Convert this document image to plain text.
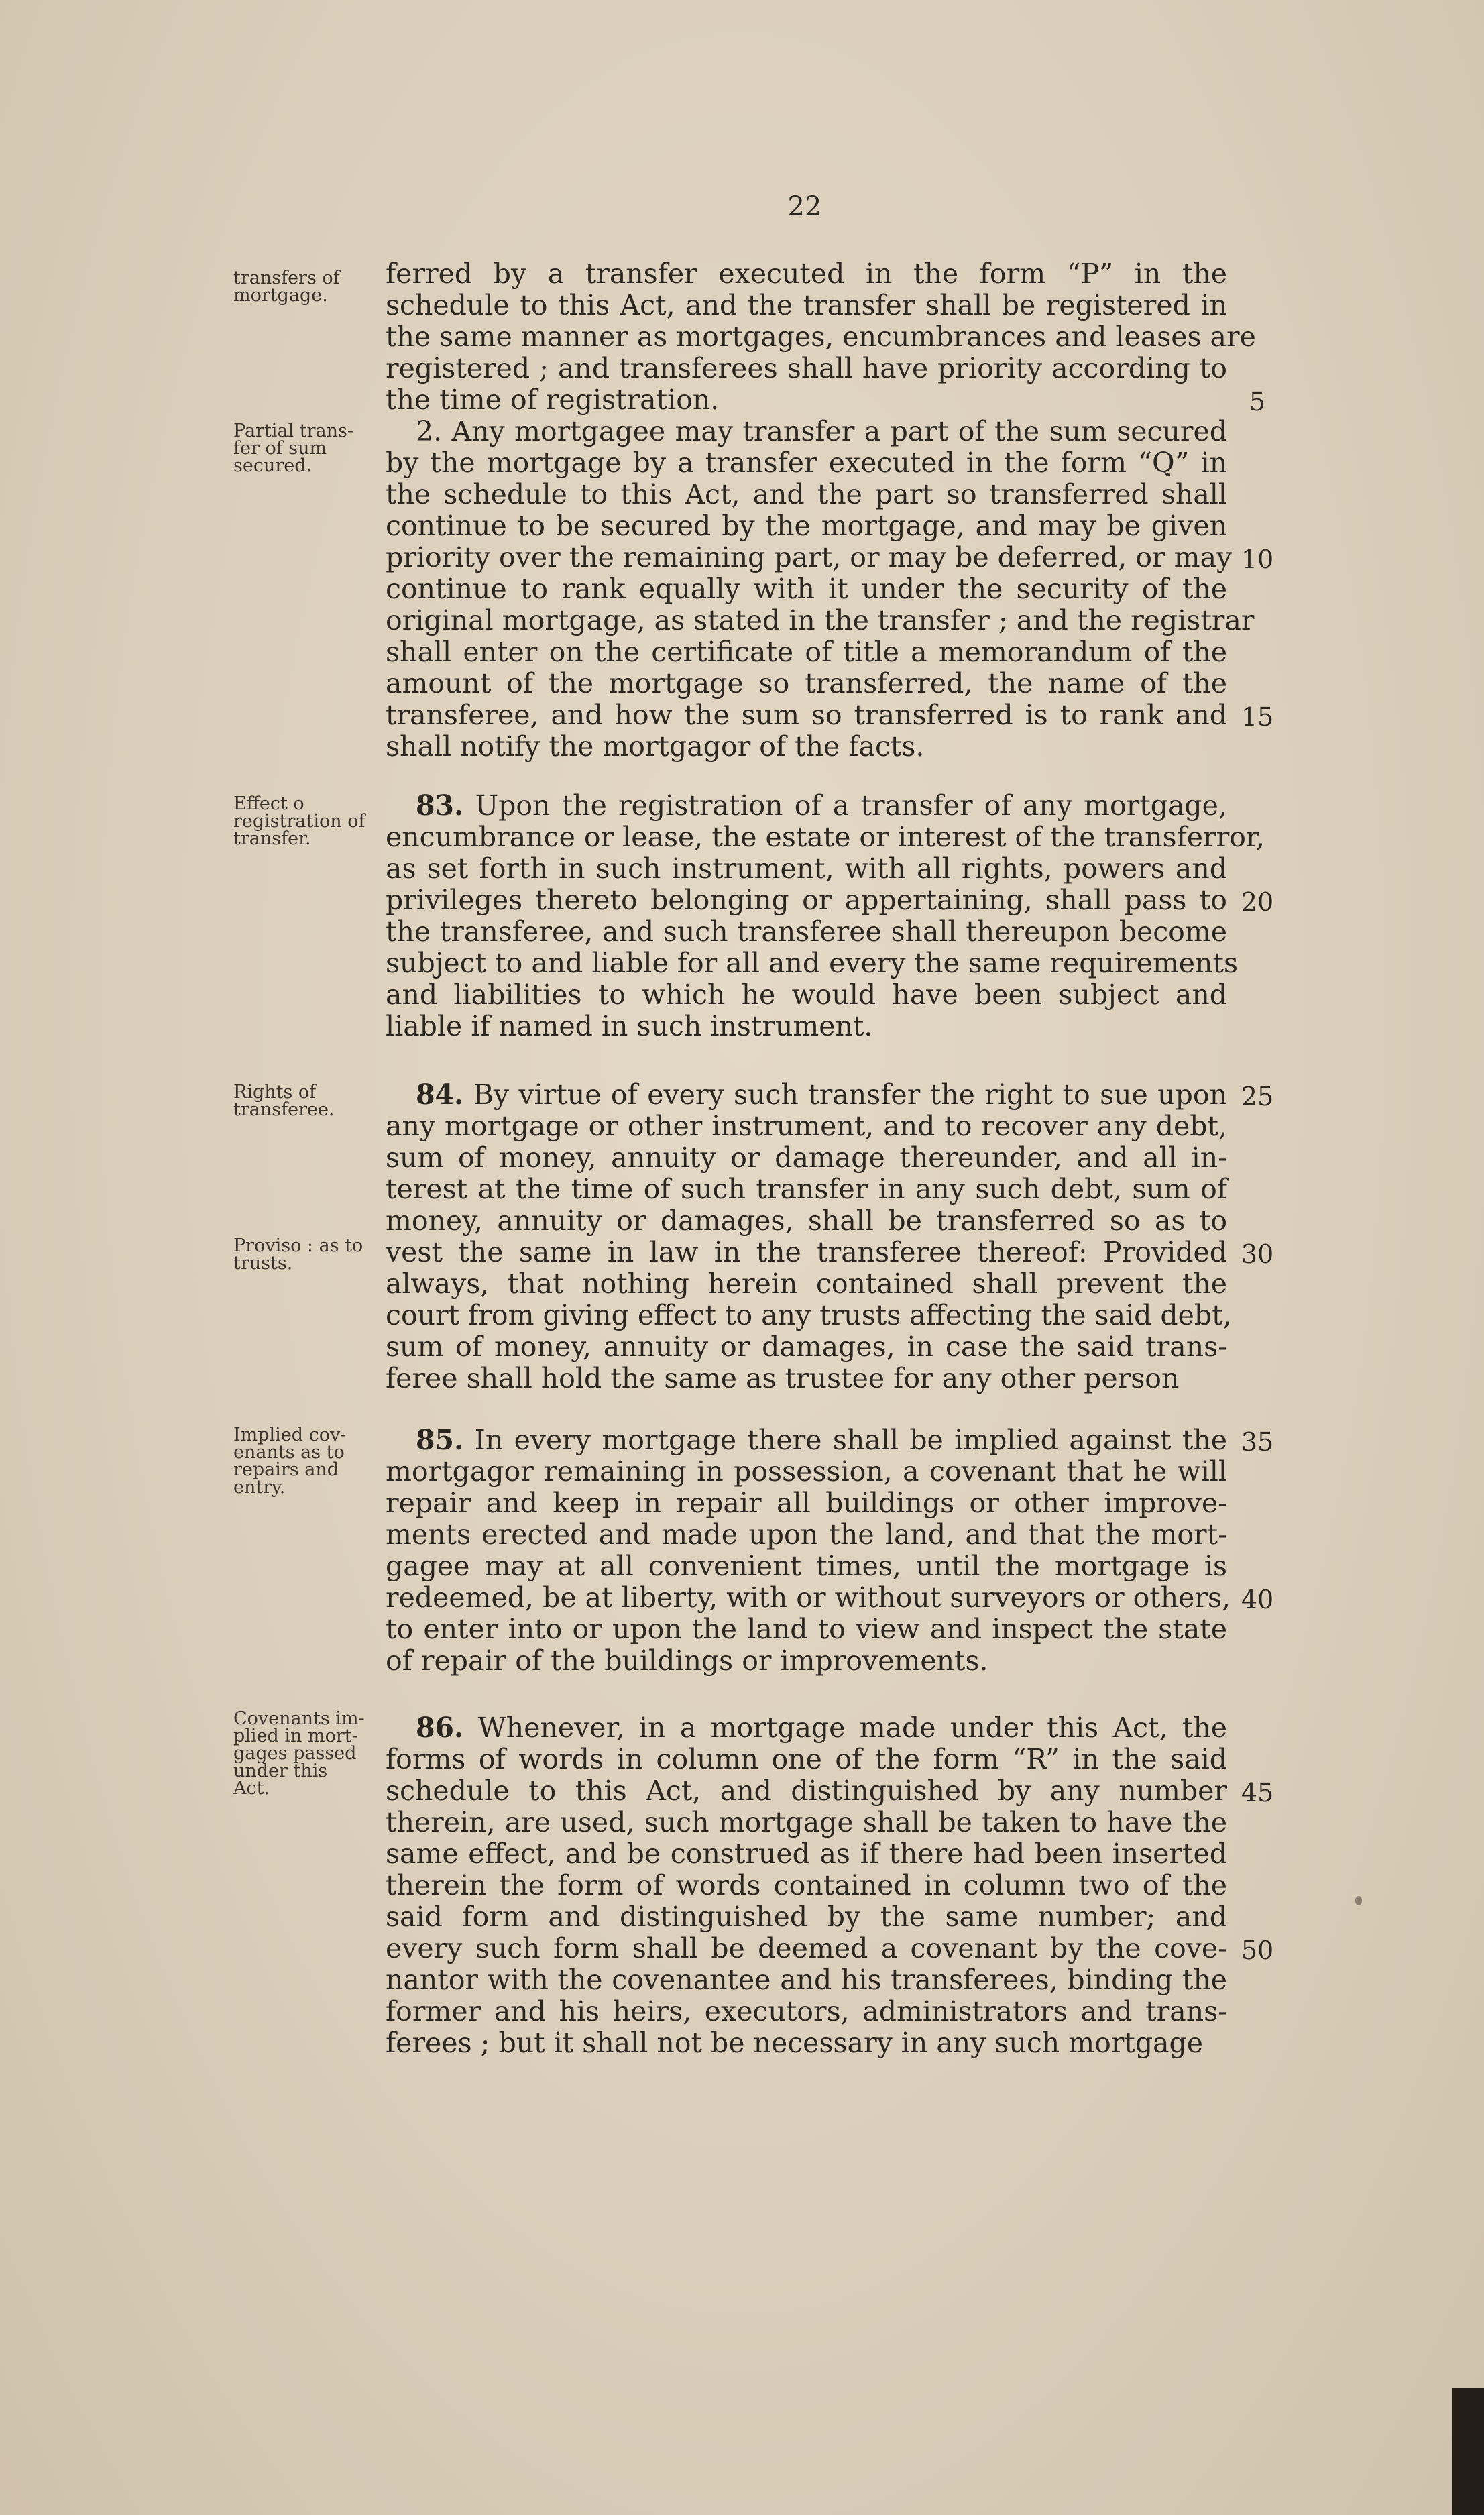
22
transfers of
mortgage.
Partial trans-
fer of sum
secured.
Effect o
registration of
transfer.
Rights of
transferee.
Proviso : as to
trusts.
Implied cov-
enants as to
repairs and
entry.
Covenants im-
plied in mort-
gages passed
under this
Act.
ferred by a transfer executed in the form “P” in the
schedule to this Act, and the transfer shall be registered in
the same manner as mortgages, encumbrances and leases are
registered ; and transferees shall have priority according to
the time of registration.
2. Any mortgagee may transfer a part of the sum secured
by the mortgage by a transfer executed in the form “Q” in
the schedule to this Act, and the part so transferred shall
continue to be secured by the mortgage, and may be given
priority over the remaining part, or may be deferred, or may
continue to rank equally with it under the security of the
original mortgage, as stated in the transfer ; and the registrar
shall enter on the certificate of title a memorandum of the
amount of the mortgage so transferred, the name of the
transferee, and how the sum so transferred is to rank and
shall notify the mortgagor of the facts.
83. Upon the registration of a transfer of any mortgage,
encumbrance or lease, the estate or interest of the transferror,
as set forth in such instrument, with all rights, powers and
privileges thereto belonging or appertaining, shall pass to
the transferee, and such transferee shall thereupon become
subject to and liable for all and every the same requirements
and liabilities to which he would have been subject and
liable if named in such instrument.
84. By virtue of every such transfer the right to sue upon
any mortgage or other instrument, and to recover any debt,
sum of money, annuity or damage thereunder, and all in-
terest at the time of such transfer in any such debt, sum of
money, annuity or damages, shall be transferred so as to
vest the same in law in the transferee thereof: Provided
always, that nothing herein contained shall prevent the
court from giving effect to any trusts affecting the said debt,
sum of money, annuity or damages, in case the said trans-
feree shall hold the same as trustee for any other person
85. In every mortgage there shall be implied against the
mortgagor remaining in possession, a covenant that he will
repair and keep in repair all buildings or other improve-
ments erected and made upon the land, and that the mort-
gagee may at all convenient times, until the mortgage is
redeemed, be at liberty, with or without surveyors or others,
to enter into or upon the land to view and inspect the state
of repair of the buildings or improvements.
86. Whenever, in a mortgage made under this Act, the
forms of words in column one of the form “R” in the said
schedule to this Act, and distinguished by any number
therein, are used, such mortgage shall be taken to have the
same effect, and be construed as if there had been inserted
therein the form of words contained in column two of the
said form and distinguished by the same number; and
every such form shall be deemed a covenant by the cove-
nantor with the covenantee and his transferees, binding the
former and his heirs, executors, administrators and trans-
ferees ; but it shall not be necessary in any such mortgage
5
10
15
20
25
30
35
40
45
50
